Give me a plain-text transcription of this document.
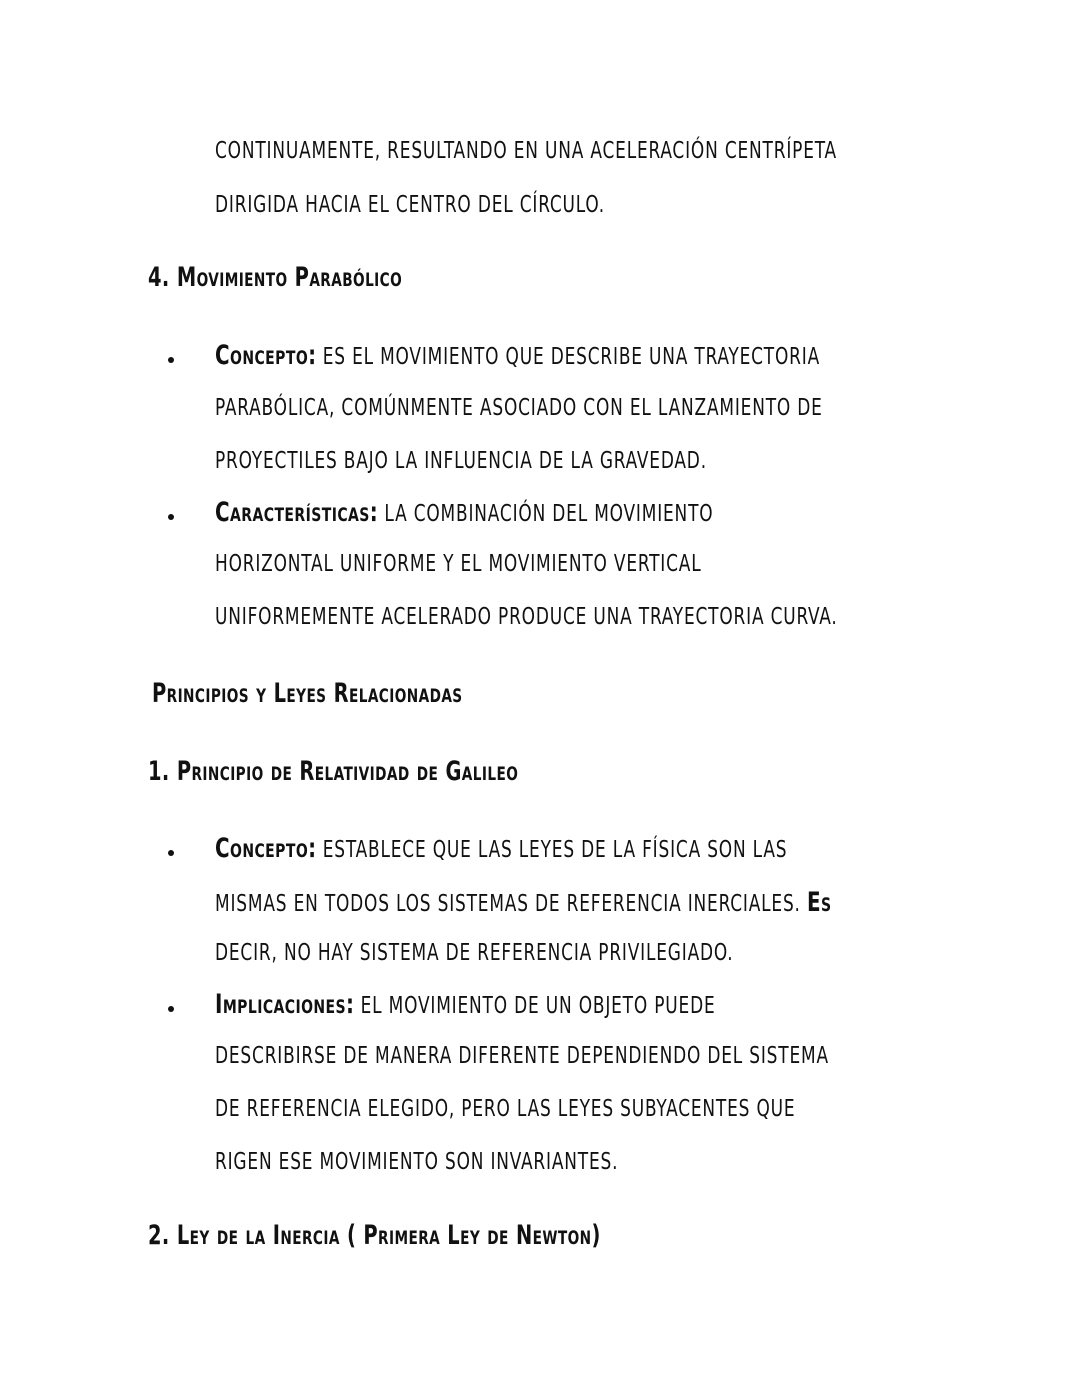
CONTINUAMENTE, RESULTANDO EN UNA ACELERACIÓN CENTRÍPETA
DIRIGIDA HACIA EL CENTRO DEL CÍRCULO.
4. Movimiento Parabólico
Concepto: ES EL MOVIMIENTO QUE DESCRIBE UNA TRAYECTORIA
PARABÓLICA, COMÚNMENTE ASOCIADO CON EL LANZAMIENTO DE
PROYECTILES BAJO LA INFLUENCIA DE LA GRAVEDAD.
Características: LA COMBINACIÓN DEL MOVIMIENTO
HORIZONTAL UNIFORME Y EL MOVIMIENTO VERTICAL
UNIFORMEMENTE ACELERADO PRODUCE UNA TRAYECTORIA CURVA.
Principios y Leyes Relacionadas
1. Principio de Relatividad de Galileo
Concepto: ESTABLECE QUE LAS LEYES DE LA FÍSICA SON LAS
MISMAS EN TODOS LOS SISTEMAS DE REFERENCIA INERCIALES. Es
DECIR, NO HAY SISTEMA DE REFERENCIA PRIVILEGIADO.
Implicaciones: EL MOVIMIENTO DE UN OBJETO PUEDE
DESCRIBIRSE DE MANERA DIFERENTE DEPENDIENDO DEL SISTEMA
DE REFERENCIA ELEGIDO, PERO LAS LEYES SUBYACENTES QUE
RIGEN ESE MOVIMIENTO SON INVARIANTES.
2. Ley de la Inercia ( Primera Ley de Newton)
